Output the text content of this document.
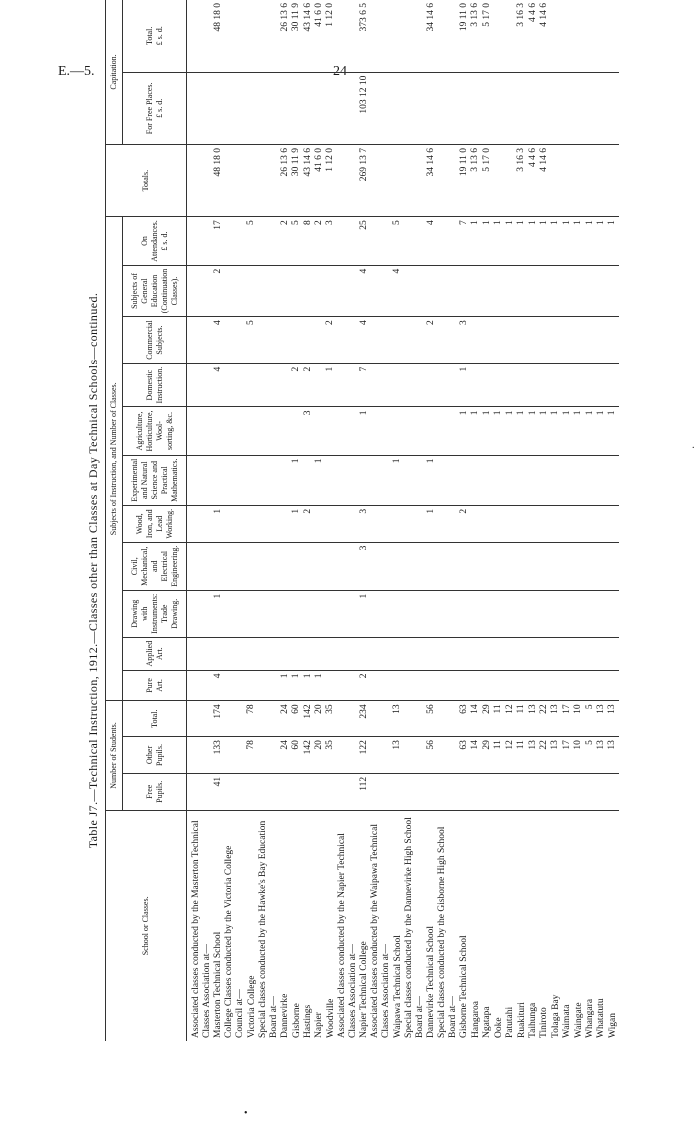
E.—5.	24
Table J7.—Technical Instruction, 1912.—Classes other than Classes at Day Technical Schools—continued.
School or Classes.	Number of Students.			Subjects of Instruction, and Number of Classes.											Totals.	Capitation.	
	Free Pupils.	Other Pupils.	Total.	Pure Art.	Applied Art.	Drawing with Instruments: Trade Drawing.	Civil, Mechanical, and Electrical Engineering.	Wood, Iron, and Lead Working.	Experimental and Natural Science and Practical Mathematics.	Agriculture, Horticulture, Wool-sorting, &c.	Domestic Instruction.	Commercial Subjects.	Subjects of General Education (Continuation Classes).	On Attendances.
£ s. d.		For Free Places.
£ s. d.	Total.
£ s. d.
Associated classes conducted by the Masterton Technical Classes Association at—																	
Masterton Technical School	41	133	174	4		1		1			4	4	2	17	48 18 0		48 18 0
College Classes conducted by the Victoria College Council at—																	
Victoria College		78	78									5		5			
Special classes conducted by the Hawke's Bay Education Board at—																	
Dannevirke		24	24	1										2	26 13 6		26 13 6
Gisborne		60	60	1				1	1		2			5	30 11 9		30 11 9
Hastings		142	142	1				2		3	2			8	43 14 6		43 14 6
Napier		20	20	1					1					2	41 6 0		41 6 0
Woodville		35	35								1	2		3	1 12 0		1 12 0
Associated classes conducted by the Napier Technical Classes Association at—																	
Napier Technical College	112	122	234	2		1	3	3		1	7	4	4	25	269 13 7	103 12 10	373 6 5
Associated classes conducted by the Waipawa Technical Classes Association at—																	
Waipawa Technical School		13	13						1				4	5			
Special classes conducted by the Dannevirke High School Board at—																	
Dannevirke Technical School		56	56					1	1			2		4	34 14 6		34 14 6
Special classes conducted by the Gisborne High School Board at—																	
Gisborne Technical School		63	63					2		1	1	3		7	19 11 0		19 11 0
Hangaroa		14	14							1				1	3 13 6		3 13 6
Ngatapa		29	29							1				1	5 17 0		5 17 0
Ooke		11	11							1				1			
Patutahi		12	12							1				1			
Ruakituri		11	11							1				1	3 16 3		3 16 3
Taihunga		13	13							1				1	4 4 6		4 4 6
Tiniroto		22	22							1				1	4 14 6		4 14 6
Tolaga Bay		13	13							1				1			
Waimata		17	17							1				1			
Waingate		10	10							1				1			
Whangara		5	5							1				1			
Whatatutu		13	13							1				1			
Wigan		13	13							1				1			
•
.
